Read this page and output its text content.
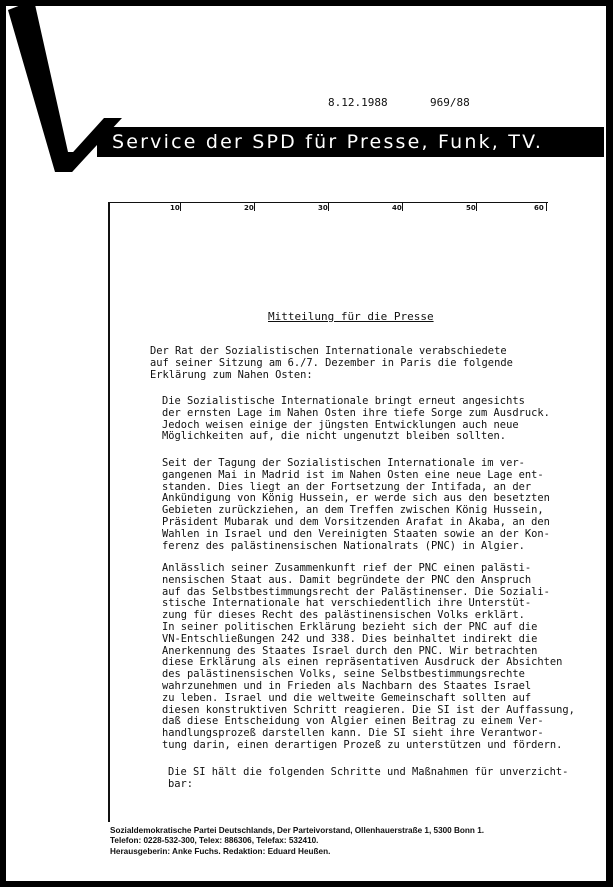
8.12.1988	969/88
Service der SPD für Presse, Funk, TV.
10	20	30	40	50	60
Mitteilung für die Presse
Der Rat der Sozialistischen Internationale verabschiedete
auf seiner Sitzung am 6./7. Dezember in Paris die folgende
Erklärung zum Nahen Osten:
Die Sozialistische Internationale bringt erneut angesichts
der ernsten Lage im Nahen Osten ihre tiefe Sorge zum Ausdruck.
Jedoch weisen einige der jüngsten Entwicklungen auch neue
Möglichkeiten auf, die nicht ungenutzt bleiben sollten.
Seit der Tagung der Sozialistischen Internationale im ver-
gangenen Mai in Madrid ist im Nahen Osten eine neue Lage ent-
standen. Dies liegt an der Fortsetzung der Intifada, an der
Ankündigung von König Hussein, er werde sich aus den besetzten
Gebieten zurückziehen, an dem Treffen zwischen König Hussein,
Präsident Mubarak und dem Vorsitzenden Arafat in Akaba, an den
Wahlen in Israel und den Vereinigten Staaten sowie an der Kon-
ferenz des palästinensischen Nationalrats (PNC) in Algier.
Anlässlich seiner Zusammenkunft rief der PNC einen palästi-
nensischen Staat aus. Damit begründete der PNC den Anspruch
auf das Selbstbestimmungsrecht der Palästinenser. Die Soziali-
stische Internationale hat verschiedentlich ihre Unterstüt-
zung für dieses Recht des palästinensischen Volks erklärt.
In seiner politischen Erklärung bezieht sich der PNC auf die
VN-Entschließungen 242 und 338. Dies beinhaltet indirekt die
Anerkennung des Staates Israel durch den PNC. Wir betrachten
diese Erklärung als einen repräsentativen Ausdruck der Absichten
des palästinensischen Volks, seine Selbstbestimmungsrechte
wahrzunehmen und in Frieden als Nachbarn des Staates Israel
zu leben. Israel und die weltweite Gemeinschaft sollten auf
diesen konstruktiven Schritt reagieren. Die SI ist der Auffassung,
daß diese Entscheidung von Algier einen Beitrag zu einem Ver-
handlungsprozeß darstellen kann. Die SI sieht ihre Verantwor-
tung darin, einen derartigen Prozeß zu unterstützen und fördern.
Die SI hält die folgenden Schritte und Maßnahmen für unverzicht-
bar:
Sozialdemokratische Partei Deutschlands, Der Parteivorstand, Ollenhauerstraße 1, 5300 Bonn 1.
Telefon: 0228-532-300, Telex: 886306, Telefax: 532410.
Herausgeberin: Anke Fuchs. Redaktion: Eduard Heußen.
